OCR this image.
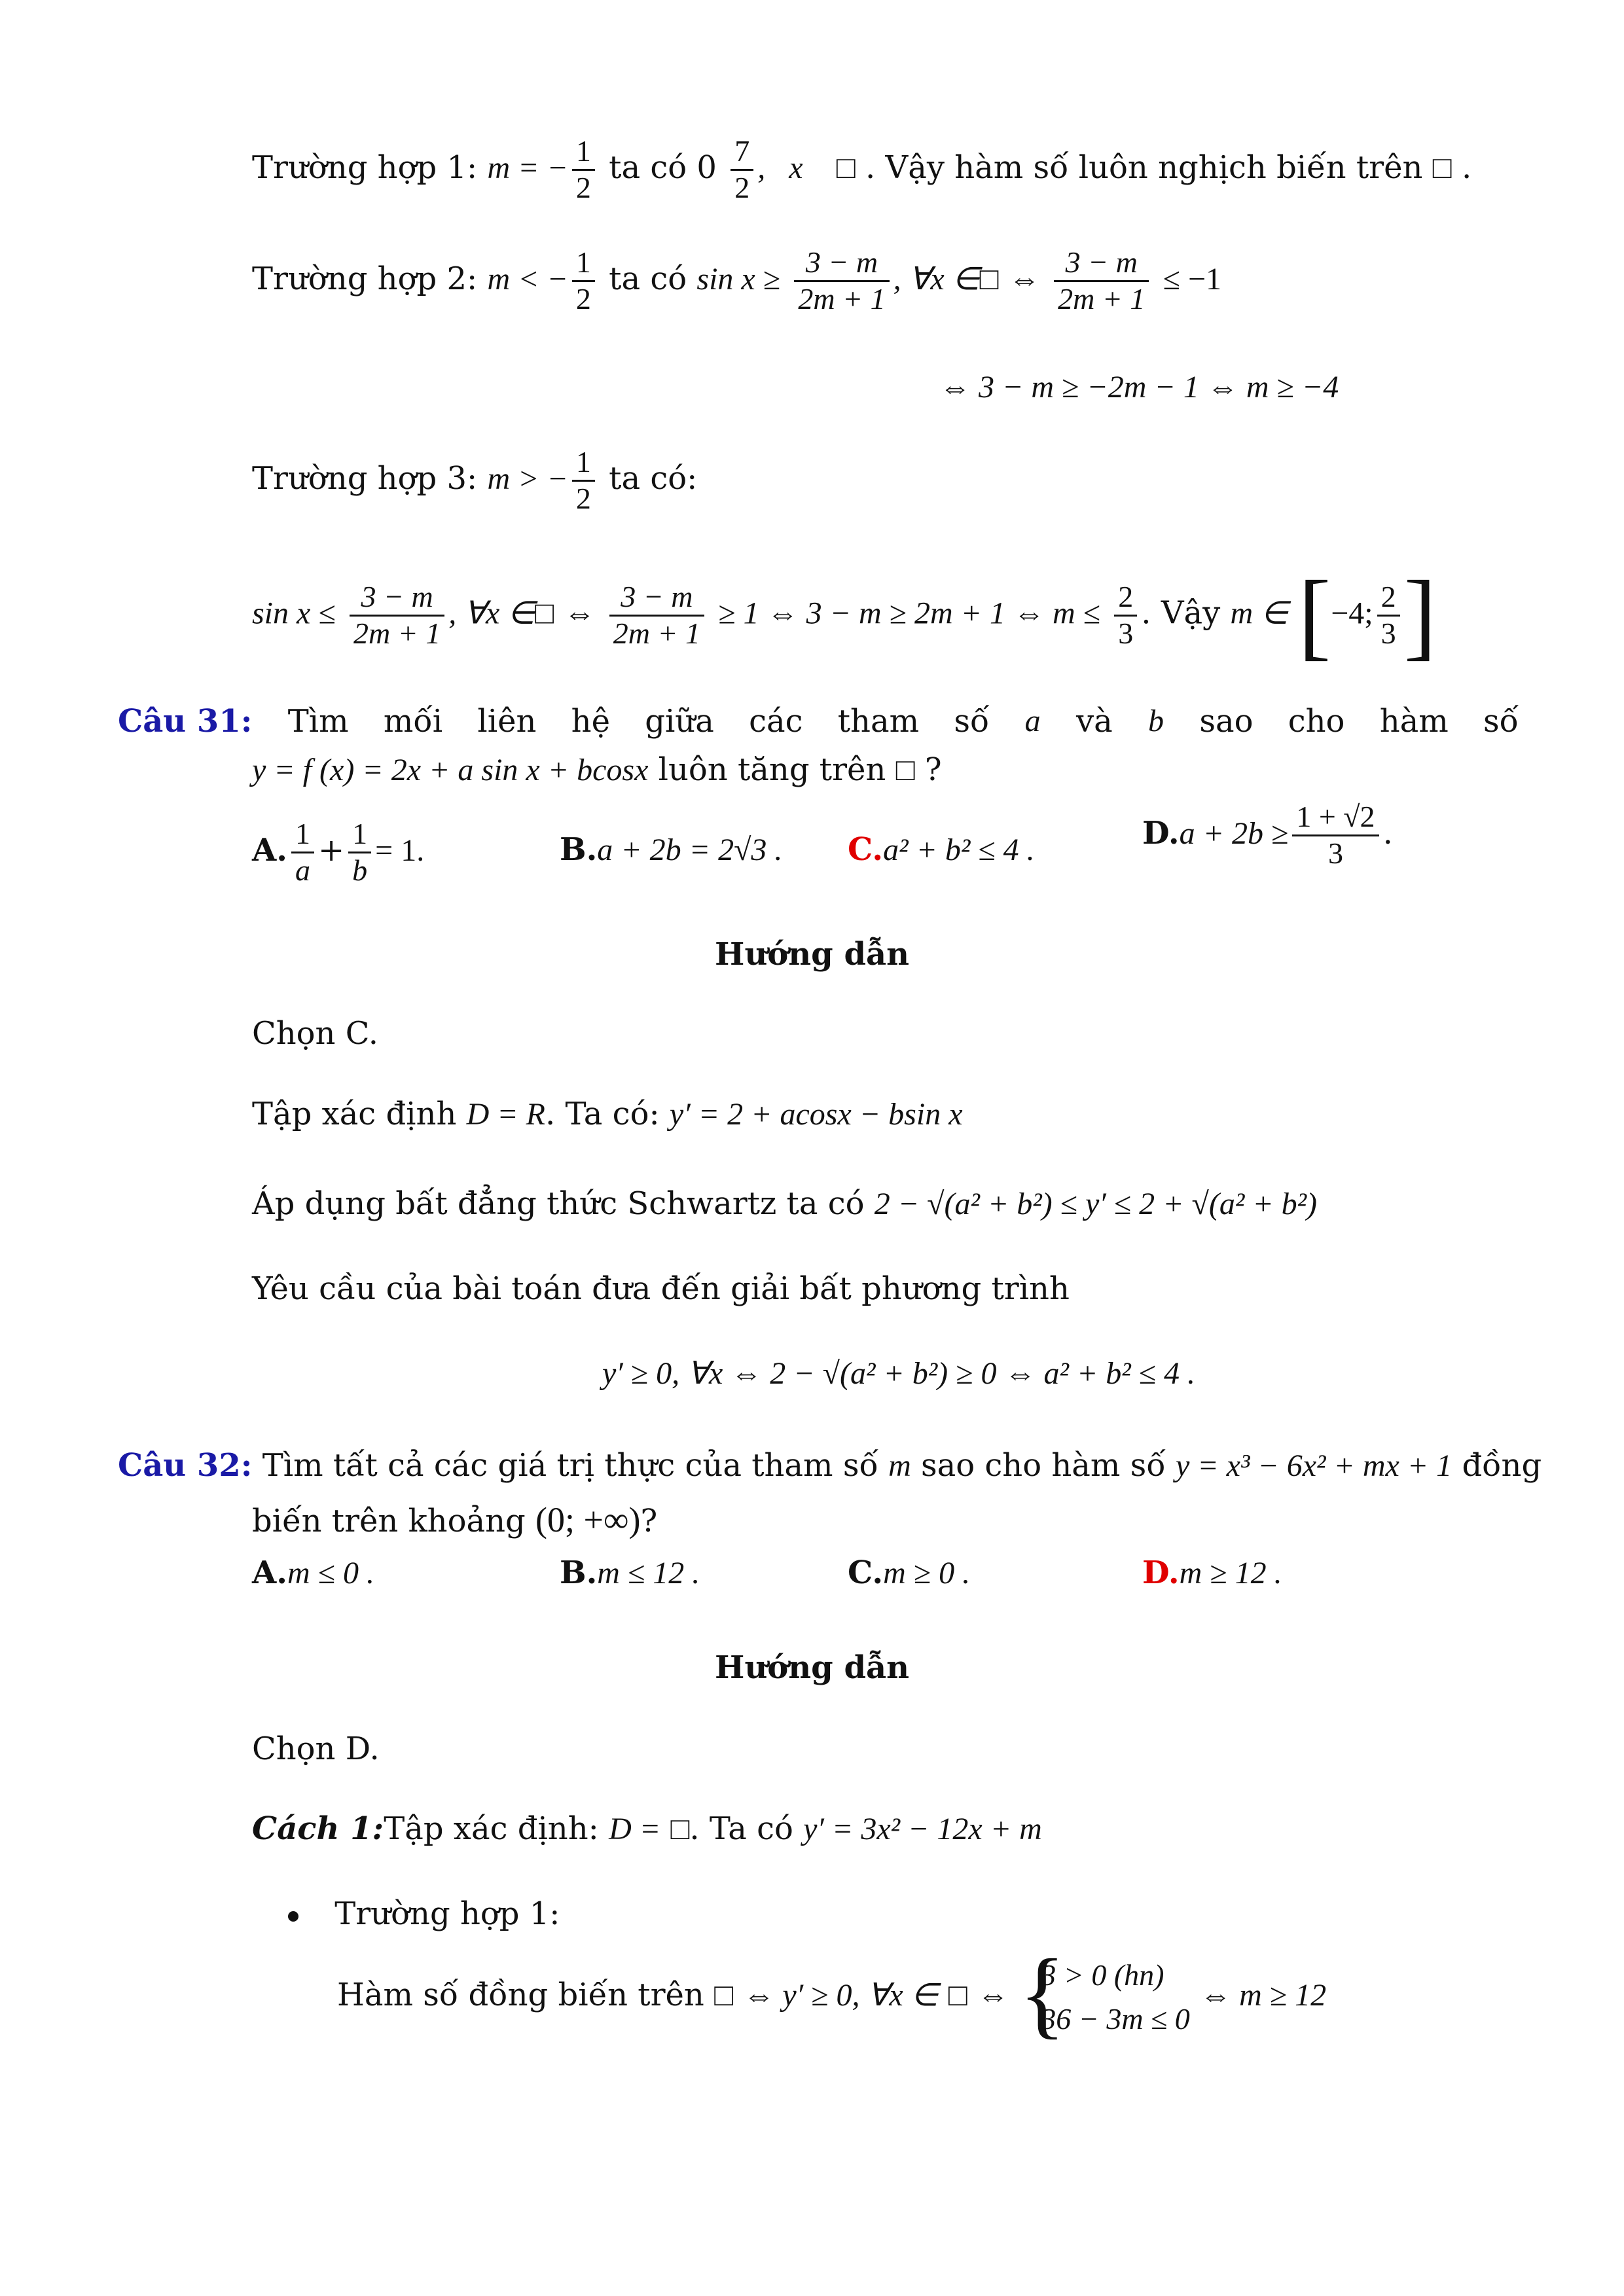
Trường hợp 1: m = − $\frac{1}{2}$ ta có $0 \frac{7}{2}$ ,   x    □ . Vậy hàm số luôn nghịch biến trên □ .
Trường hợp 2: m < − $\frac{1}{2}$ ta có $\sin x \ge \frac{3 - m}{2m + 1}$ , ∀x ∈□ ⇔ $\frac{3 - m}{2m + 1} \le -1$
⇔ 3 − m ≥ −2m − 1 ⇔ m ≥ −4
Trường hợp 3: m > − $\frac{1}{2}$ ta có:
$\sin x \le \frac{3 - m}{2m + 1}$ , ∀x ∈□ ⇔ $\frac{3 - m}{2m + 1} \ge 1$ ⇔ 3 − m ≥ 2m + 1 ⇔ $m \le \frac{2}{3}$ . Vậy m ∈ [−4; $\frac{2}{3}$ ]
Câu 31: Tìm mối liên hệ giữa các tham số a và b sao cho hàm số
y = f (x) = 2x + a sin x + bcosx luôn tăng trên □ ?
A. $\frac{1}{a} + \frac{1}{b} = 1$.	B.a + 2b = 2√3 . C.a² + b² ≤ 4 .	$D.a + 2b \ge \frac{1 + √2}{3}$ .
Hướng dẫn
Chọn C.
Tập xác định D = R. Ta có: y′ = 2 + acosx − bsin x
Áp dụng bất đẳng thức Schwartz ta có 2 − √(a² + b²) ≤ y′ ≤ 2 + √(a² + b²)
Yêu cầu của bài toán đưa đến giải bất phương trình
y′ ≥ 0, ∀x ⇔ 2 − √(a² + b²) ≥ 0 ⇔ a² + b² ≤ 4 .
Câu 32: Tìm tất cả các giá trị thực của tham số m sao cho hàm số y = x³ − 6x² + mx + 1 đồng
biến trên khoảng (0; +∞)?
A.m ≤ 0 .	B.m ≤ 12 .	C.m ≥ 0 .	D.m ≥ 12 .
Hướng dẫn
Chọn D.
Cách 1:Tập xác định: D = □. Ta có y′ = 3x² − 12x + m
Trường hợp 1:
Hàm số đồng biến trên □ ⇔ y′ ≥ 0, ∀x ∈ □ ⇔ {
3 > 0 (hn)
36 − 3m ≤ 0
⇔ m ≥ 12
